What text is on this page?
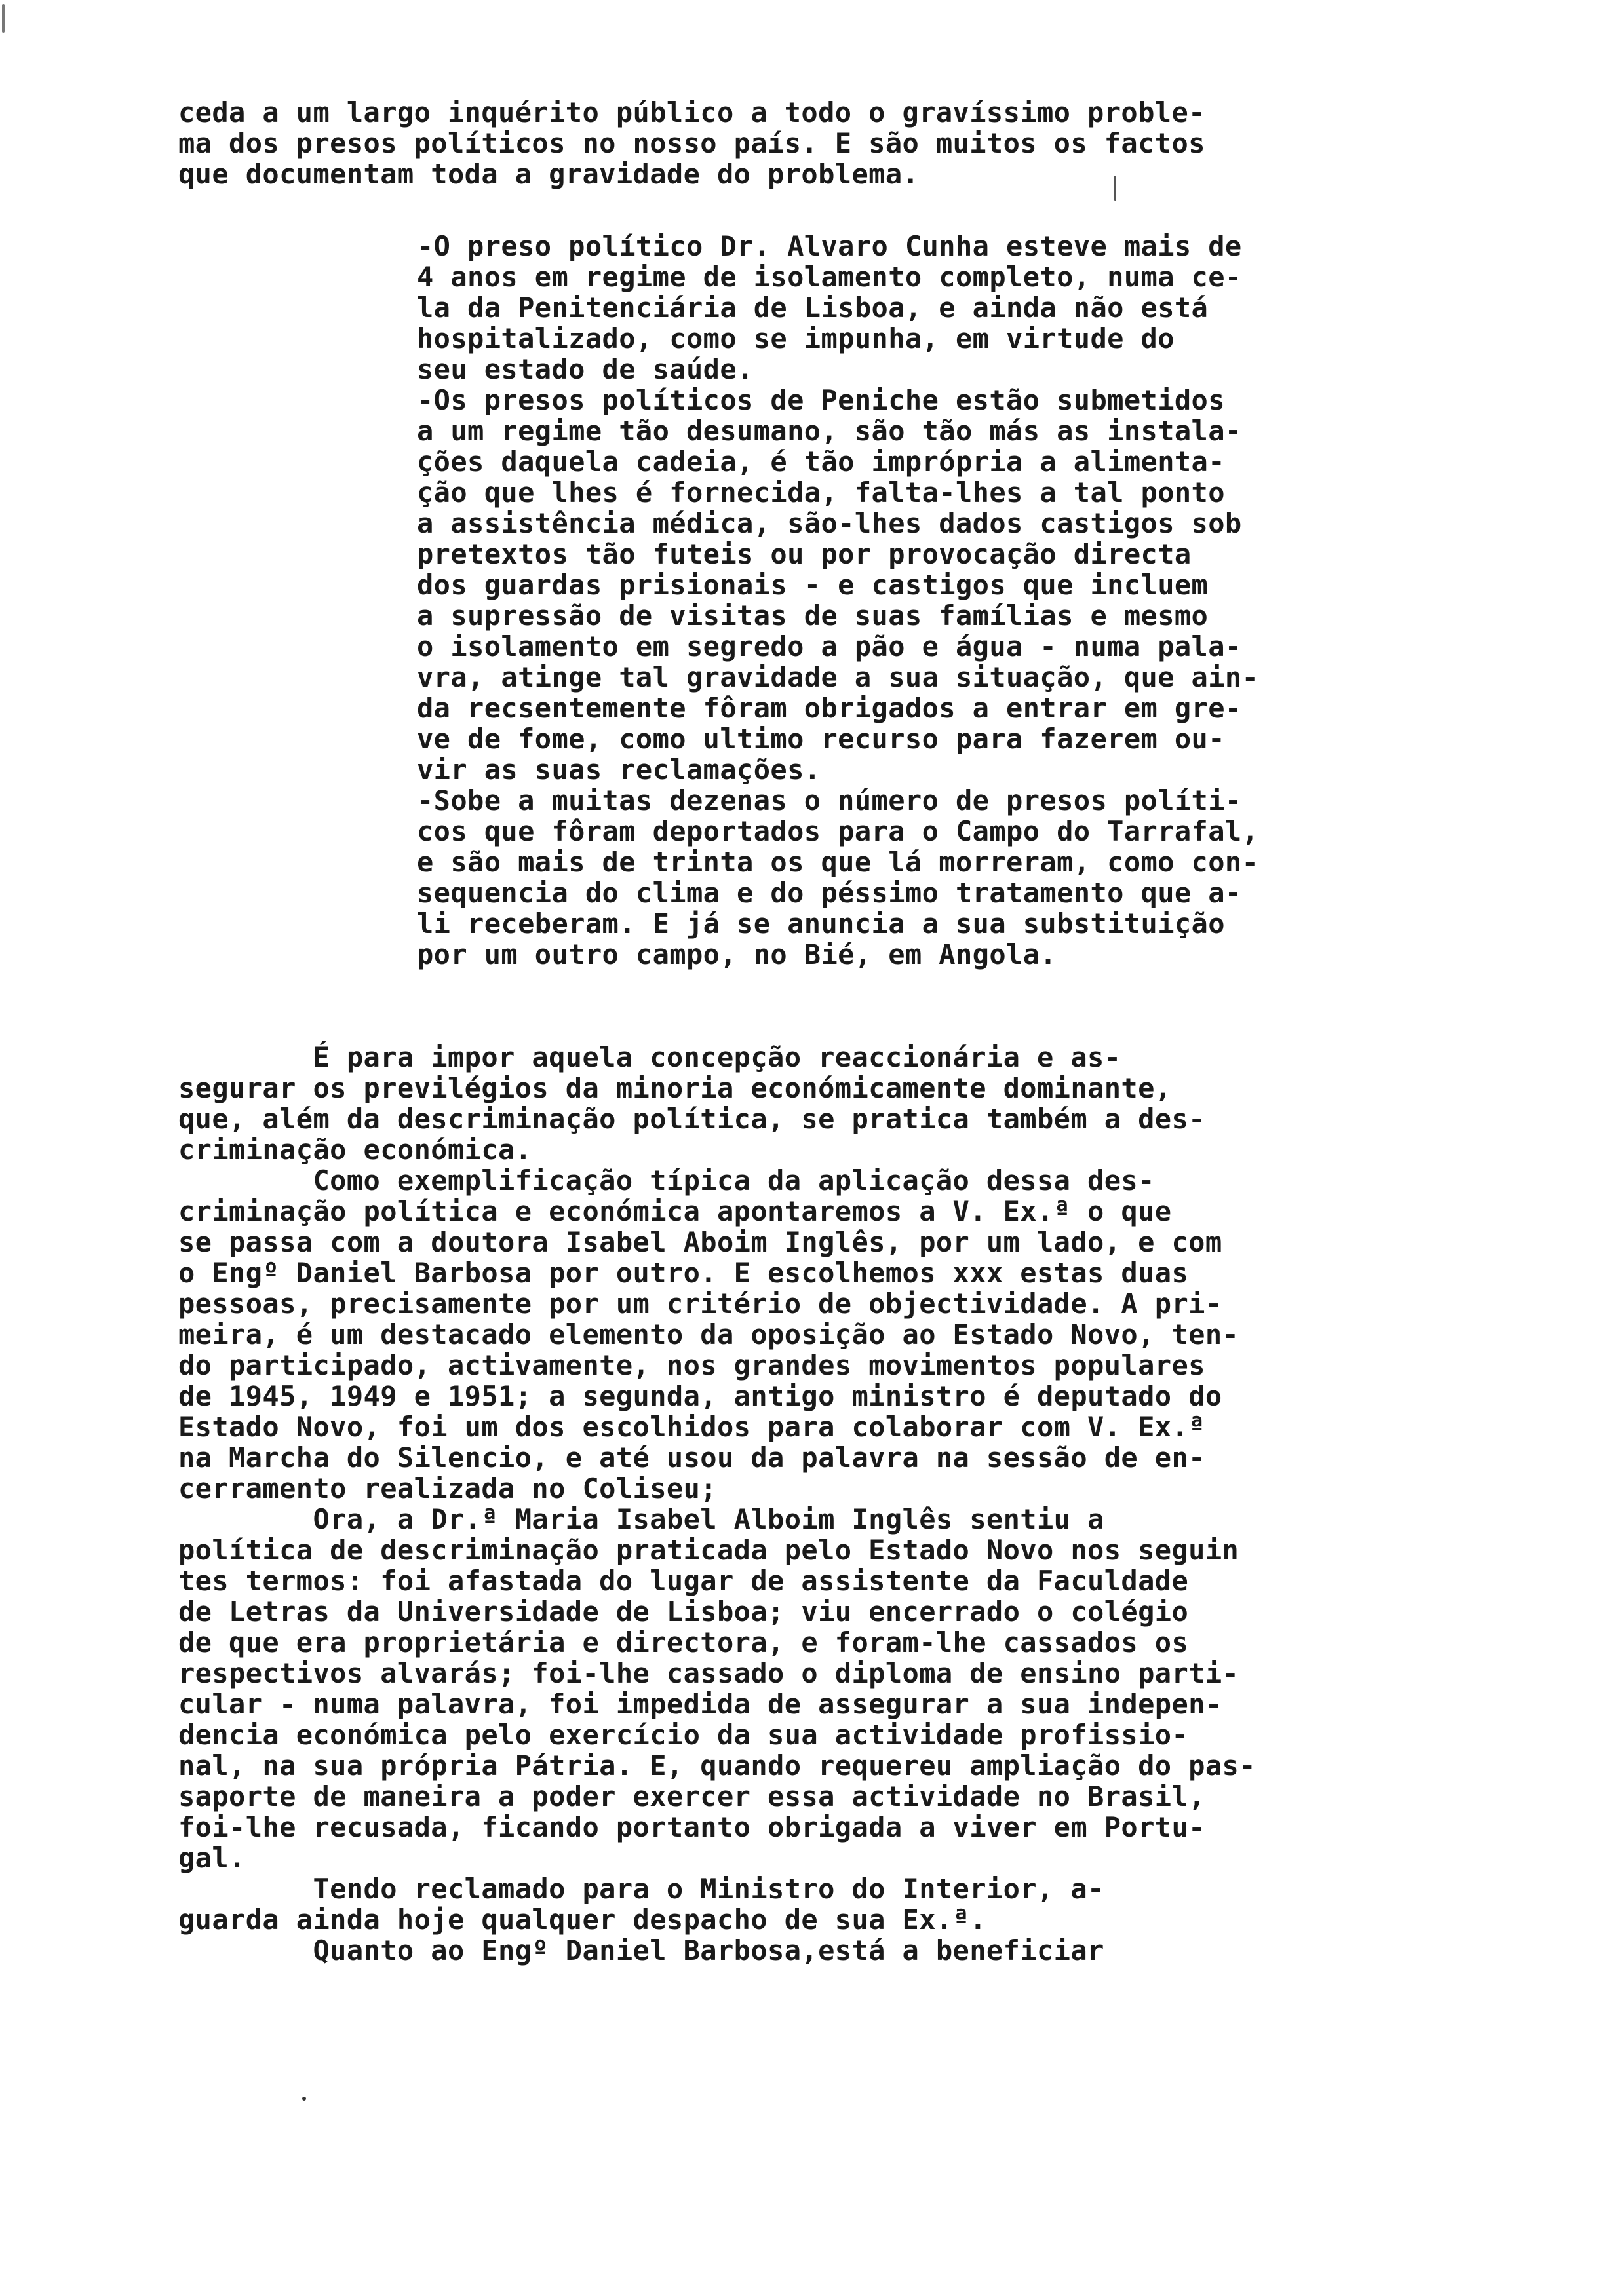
ceda a um largo inquérito público a todo o gravíssimo proble-
ma dos presos políticos no nosso país. E são muitos os factos
que documentam toda a gravidade do problema.
-O preso político Dr. Alvaro Cunha esteve mais de
4 anos em regime de isolamento completo, numa ce-
la da Penitenciária de Lisboa, e ainda não está
hospitalizado, como se impunha, em virtude do
seu estado de saúde.
-Os presos políticos de Peniche estão submetidos
a um regime tão desumano, são tão más as instala-
ções daquela cadeia, é tão imprópria a alimenta-
ção que lhes é fornecida, falta-lhes a tal ponto
a assistência médica, são-lhes dados castigos sob
pretextos tão futeis ou por provocação directa
dos guardas prisionais - e castigos que incluem
a supressão de visitas de suas famílias e mesmo
o isolamento em segredo a pão e água - numa pala-
vra, atinge tal gravidade a sua situação, que ain-
da recsentemente fôram obrigados a entrar em gre-
ve de fome, como ultimo recurso para fazerem ou-
vir as suas reclamações.
-Sobe a muitas dezenas o número de presos políti-
cos que fôram deportados para o Campo do Tarrafal,
e são mais de trinta os que lá morreram, como con-
sequencia do clima e do péssimo tratamento que a-
li receberam. E já se anuncia a sua substituição
por um outro campo, no Bié, em Angola.
É para impor aquela concepção reaccionária e as-
segurar os previlégios da minoria económicamente dominante,
que, além da descriminação política, se pratica também a des-
criminação económica.
Como exemplificação típica da aplicação dessa des-
criminação política e económica apontaremos a V. Ex.ª o que
se passa com a doutora Isabel Aboim Inglês, por um lado, e com
o Engº Daniel Barbosa por outro. E escolhemos xxx estas duas
pessoas, precisamente por um critério de objectividade. A pri-
meira, é um destacado elemento da oposição ao Estado Novo, ten-
do participado, activamente, nos grandes movimentos populares
de 1945, 1949 e 1951; a segunda, antigo ministro é deputado do
Estado Novo, foi um dos escolhidos para colaborar com V. Ex.ª
na Marcha do Silencio, e até usou da palavra na sessão de en-
cerramento realizada no Coliseu;
Ora, a Dr.ª Maria Isabel Alboim Inglês sentiu a
política de descriminação praticada pelo Estado Novo nos seguin
tes termos: foi afastada do lugar de assistente da Faculdade
de Letras da Universidade de Lisboa; viu encerrado o colégio
de que era proprietária e directora, e foram-lhe cassados os
respectivos alvarás; foi-lhe cassado o diploma de ensino parti-
cular - numa palavra, foi impedida de assegurar a sua indepen-
dencia económica pelo exercício da sua actividade profissio-
nal, na sua própria Pátria. E, quando requereu ampliação do pas-
saporte de maneira a poder exercer essa actividade no Brasil,
foi-lhe recusada, ficando portanto obrigada a viver em Portu-
gal.
Tendo reclamado para o Ministro do Interior, a-
guarda ainda hoje qualquer despacho de sua Ex.ª.
Quanto ao Engº Daniel Barbosa,está a beneficiar
